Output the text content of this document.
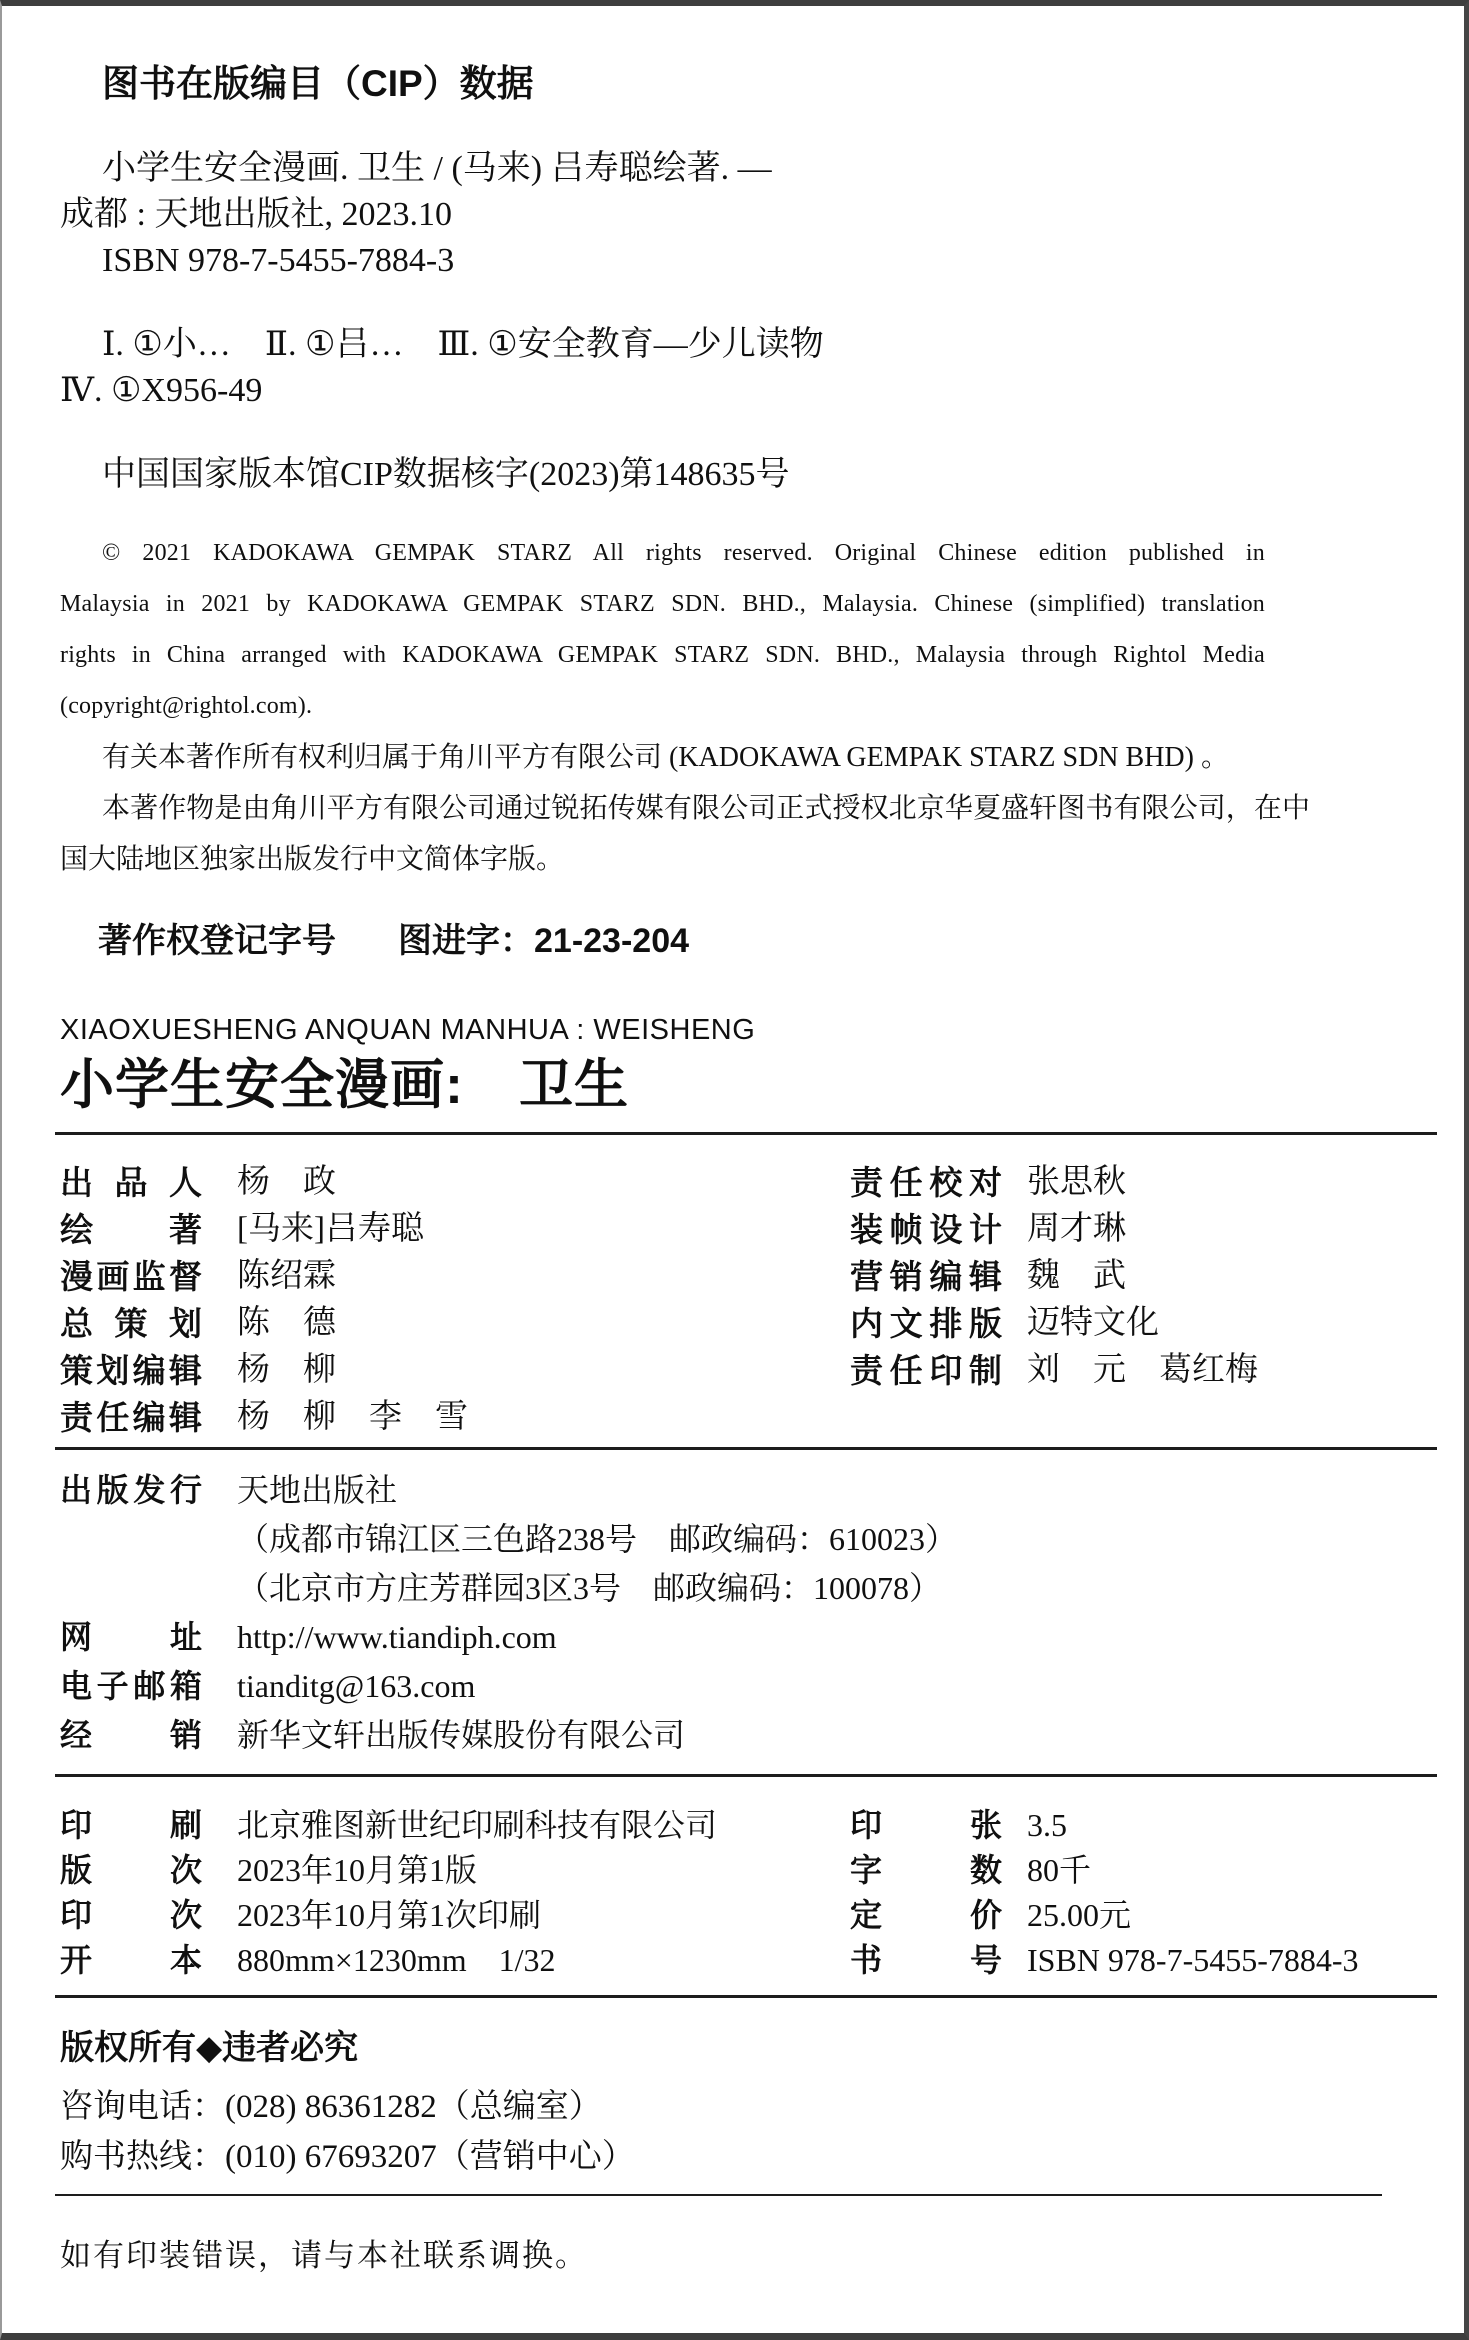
图书在版编目（CIP）数据
小学生安全漫画. 卫生 / (马来) 吕寿聪绘著. —
成都 : 天地出版社, 2023.10
ISBN 978-7-5455-7884-3
Ⅰ. ①小…　Ⅱ. ①吕…　Ⅲ. ①安全教育—少儿读物
Ⅳ. ①X956-49
中国国家版本馆CIP数据核字(2023)第148635号
© 2021 KADOKAWA GEMPAK STARZ All rights reserved. Original Chinese edition published in
Malaysia in 2021 by KADOKAWA GEMPAK STARZ SDN. BHD., Malaysia. Chinese (simplified) translation
rights in China arranged with KADOKAWA GEMPAK STARZ SDN. BHD., Malaysia through Rightol Media
(copyright@rightol.com).
有关本著作所有权利归属于角川平方有限公司 (KADOKAWA GEMPAK STARZ SDN BHD) 。
本著作物是由角川平方有限公司通过锐拓传媒有限公司正式授权北京华夏盛轩图书有限公司，在中
国大陆地区独家出版发行中文简体字版。
著作权登记字号 图进字：21-23-204
XIAOXUESHENG ANQUAN MANHUA : WEISHENG
小学生安全漫画:　卫生
出品人 杨　政	责任校对 张思秋
绘著 [马来]吕寿聪	装帧设计 周才琳
漫画监督 陈绍霖	营销编辑 魏　武
总策划 陈　德	内文排版 迈特文化
策划编辑 杨　柳	责任印制 刘　元　葛红梅
责任编辑 杨　柳　李　雪
出版发行 天地出版社
（成都市锦江区三色路238号　邮政编码：610023）
（北京市方庄芳群园3区3号　邮政编码：100078）
网址 http://www.tiandiph.com
电子邮箱 tianditg@163.com
经销 新华文轩出版传媒股份有限公司
印刷 北京雅图新世纪印刷科技有限公司	印张 3.5
版次 2023年10月第1版	字数 80千
印次 2023年10月第1次印刷	定价 25.00元
开本 880mm×1230mm　1/32	书号 ISBN 978-7-5455-7884-3
版权所有◆违者必究
咨询电话：(028) 86361282（总编室）
购书热线：(010) 67693207（营销中心）
如有印装错误，请与本社联系调换。
